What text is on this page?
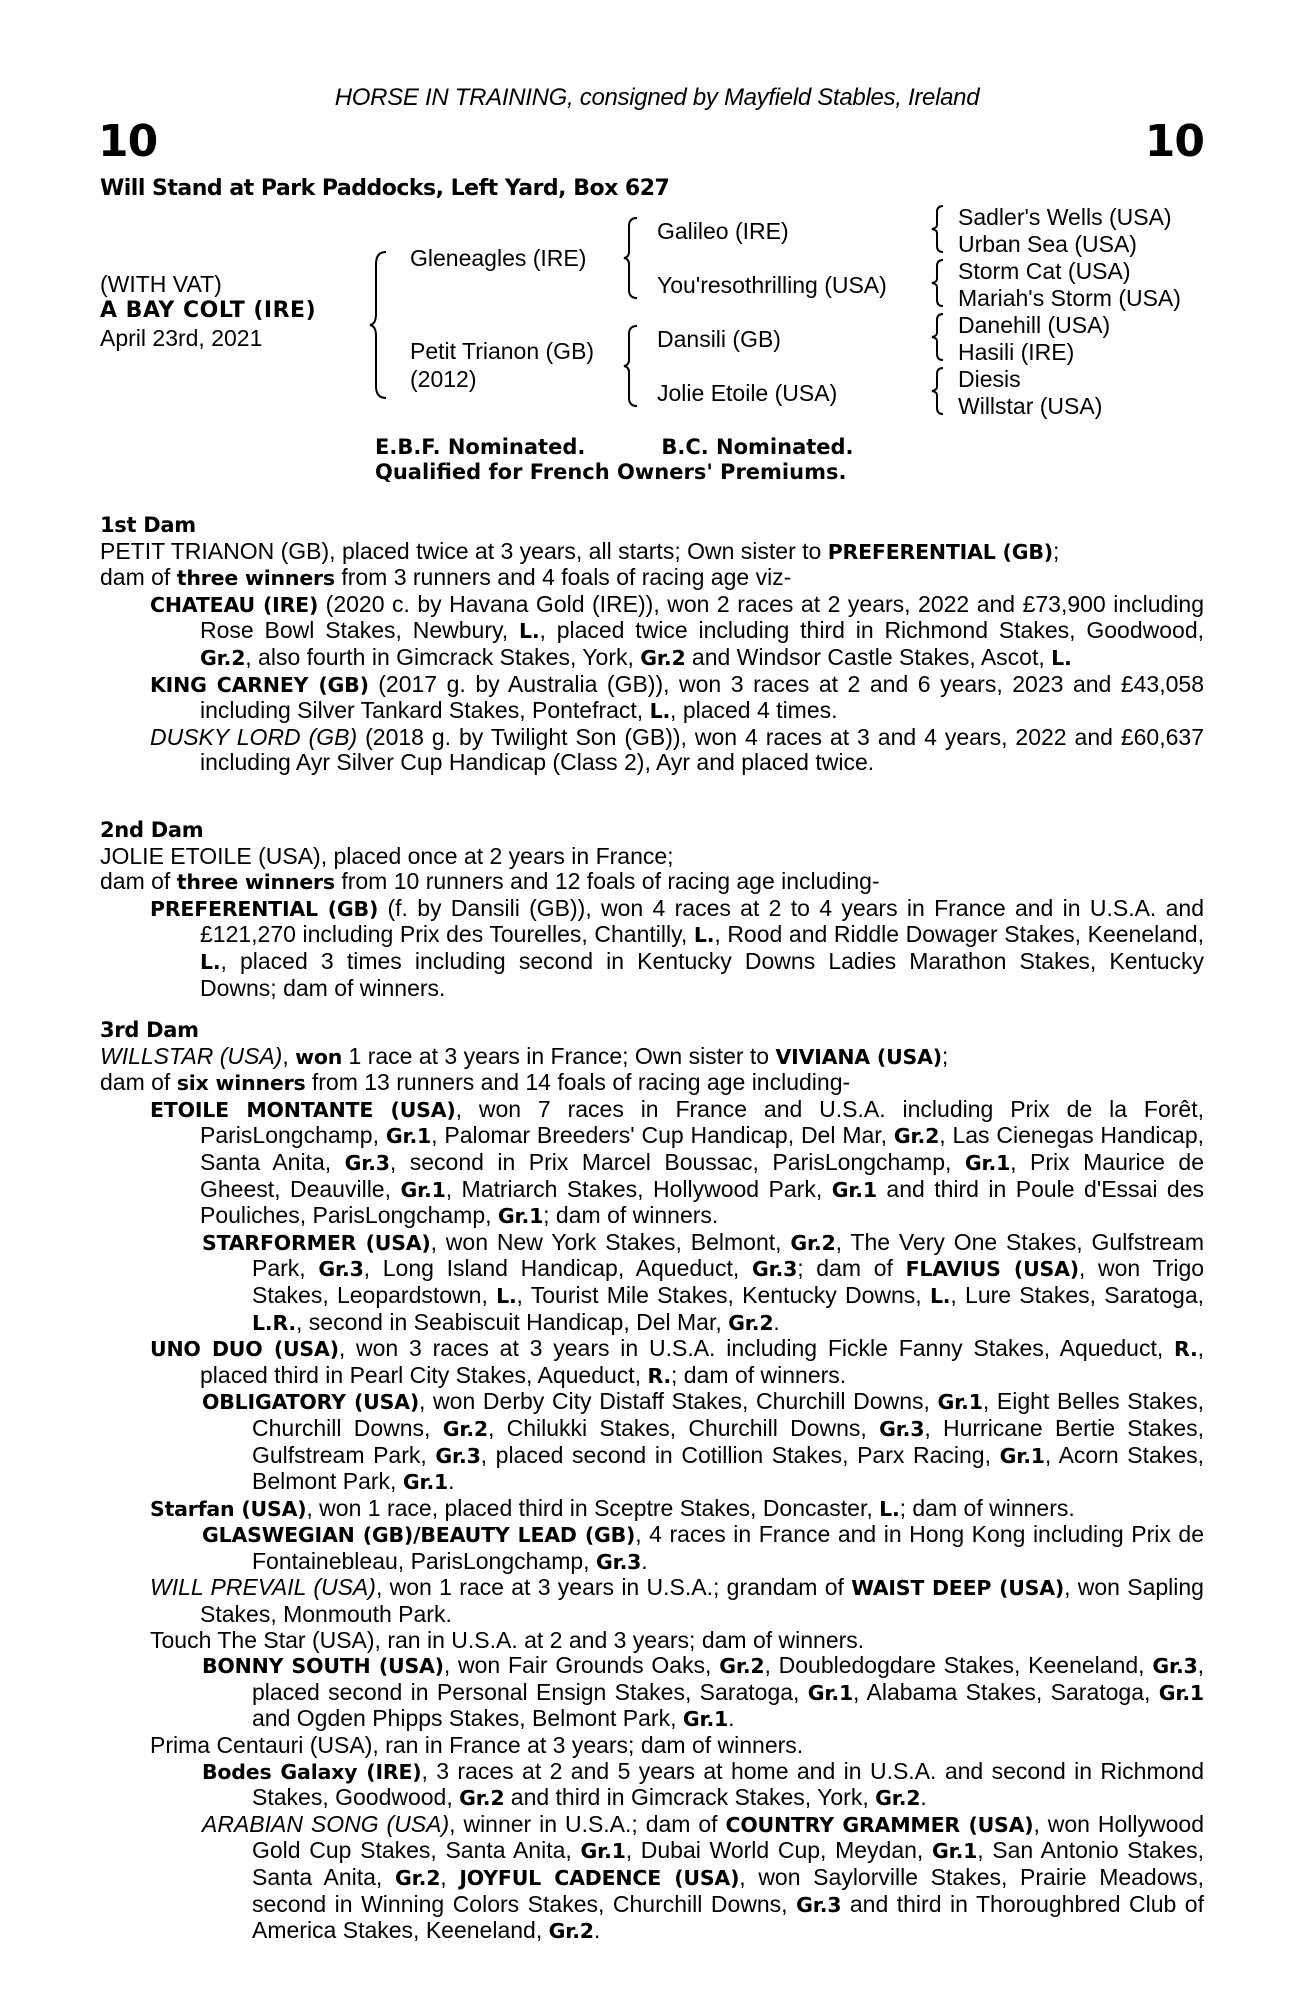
HORSE IN TRAINING, consigned by Mayfield Stables, Ireland
10	10
Will Stand at Park Paddocks, Left Yard, Box 627
(WITH VAT)
A BAY COLT (IRE)
April 23rd, 2021
Gleneagles (IRE)
Petit Trianon (GB)
(2012)
Galileo (IRE)
You'resothrilling (USA)
Dansili (GB)
Jolie Etoile (USA)
Sadler's Wells (USA)
Urban Sea (USA)
Storm Cat (USA)
Mariah's Storm (USA)
Danehill (USA)
Hasili (IRE)
Diesis
Willstar (USA)
E.B.F. Nominated.	B.C. Nominated.
Qualified for French Owners' Premiums.
1st Dam
PETIT TRIANON (GB), placed twice at 3 years, all starts; Own sister to PREFERENTIAL (GB);
dam of three winners from 3 runners and 4 foals of racing age viz-
CHATEAU (IRE) (2020 c. by Havana Gold (IRE)), won 2 races at 2 years, 2022 and £73,900 including Rose Bowl Stakes, Newbury, L., placed twice including third in Richmond Stakes, Goodwood, Gr.2, also fourth in Gimcrack Stakes, York, Gr.2 and Windsor Castle Stakes, Ascot, L.
KING CARNEY (GB) (2017 g. by Australia (GB)), won 3 races at 2 and 6 years, 2023 and £43,058 including Silver Tankard Stakes, Pontefract, L., placed 4 times.
DUSKY LORD (GB) (2018 g. by Twilight Son (GB)), won 4 races at 3 and 4 years, 2022 and £60,637 including Ayr Silver Cup Handicap (Class 2), Ayr and placed twice.
2nd Dam
JOLIE ETOILE (USA), placed once at 2 years in France;
dam of three winners from 10 runners and 12 foals of racing age including-
PREFERENTIAL (GB) (f. by Dansili (GB)), won 4 races at 2 to 4 years in France and in U.S.A. and £121,270 including Prix des Tourelles, Chantilly, L., Rood and Riddle Dowager Stakes, Keeneland, L., placed 3 times including second in Kentucky Downs Ladies Marathon Stakes, Kentucky Downs; dam of winners.
3rd Dam
WILLSTAR (USA), won 1 race at 3 years in France; Own sister to VIVIANA (USA);
dam of six winners from 13 runners and 14 foals of racing age including-
ETOILE MONTANTE (USA), won 7 races in France and U.S.A. including Prix de la Forêt, ParisLongchamp, Gr.1, Palomar Breeders' Cup Handicap, Del Mar, Gr.2, Las Cienegas Handicap, Santa Anita, Gr.3, second in Prix Marcel Boussac, ParisLongchamp, Gr.1, Prix Maurice de Gheest, Deauville, Gr.1, Matriarch Stakes, Hollywood Park, Gr.1 and third in Poule d'Essai des Pouliches, ParisLongchamp, Gr.1; dam of winners.
STARFORMER (USA), won New York Stakes, Belmont, Gr.2, The Very One Stakes, Gulfstream Park, Gr.3, Long Island Handicap, Aqueduct, Gr.3; dam of FLAVIUS (USA), won Trigo Stakes, Leopardstown, L., Tourist Mile Stakes, Kentucky Downs, L., Lure Stakes, Saratoga, L.R., second in Seabiscuit Handicap, Del Mar, Gr.2.
UNO DUO (USA), won 3 races at 3 years in U.S.A. including Fickle Fanny Stakes, Aqueduct, R., placed third in Pearl City Stakes, Aqueduct, R.; dam of winners.
OBLIGATORY (USA), won Derby City Distaff Stakes, Churchill Downs, Gr.1, Eight Belles Stakes, Churchill Downs, Gr.2, Chilukki Stakes, Churchill Downs, Gr.3, Hurricane Bertie Stakes, Gulfstream Park, Gr.3, placed second in Cotillion Stakes, Parx Racing, Gr.1, Acorn Stakes, Belmont Park, Gr.1.
Starfan (USA), won 1 race, placed third in Sceptre Stakes, Doncaster, L.; dam of winners.
GLASWEGIAN (GB)/BEAUTY LEAD (GB), 4 races in France and in Hong Kong including Prix de Fontainebleau, ParisLongchamp, Gr.3.
WILL PREVAIL (USA), won 1 race at 3 years in U.S.A.; grandam of WAIST DEEP (USA), won Sapling Stakes, Monmouth Park.
Touch The Star (USA), ran in U.S.A. at 2 and 3 years; dam of winners.
BONNY SOUTH (USA), won Fair Grounds Oaks, Gr.2, Doubledogdare Stakes, Keeneland, Gr.3, placed second in Personal Ensign Stakes, Saratoga, Gr.1, Alabama Stakes, Saratoga, Gr.1 and Ogden Phipps Stakes, Belmont Park, Gr.1.
Prima Centauri (USA), ran in France at 3 years; dam of winners.
Bodes Galaxy (IRE), 3 races at 2 and 5 years at home and in U.S.A. and second in Richmond Stakes, Goodwood, Gr.2 and third in Gimcrack Stakes, York, Gr.2.
ARABIAN SONG (USA), winner in U.S.A.; dam of COUNTRY GRAMMER (USA), won Hollywood Gold Cup Stakes, Santa Anita, Gr.1, Dubai World Cup, Meydan, Gr.1, San Antonio Stakes, Santa Anita, Gr.2, JOYFUL CADENCE (USA), won Saylorville Stakes, Prairie Meadows, second in Winning Colors Stakes, Churchill Downs, Gr.3 and third in Thoroughbred Club of America Stakes, Keeneland, Gr.2.
